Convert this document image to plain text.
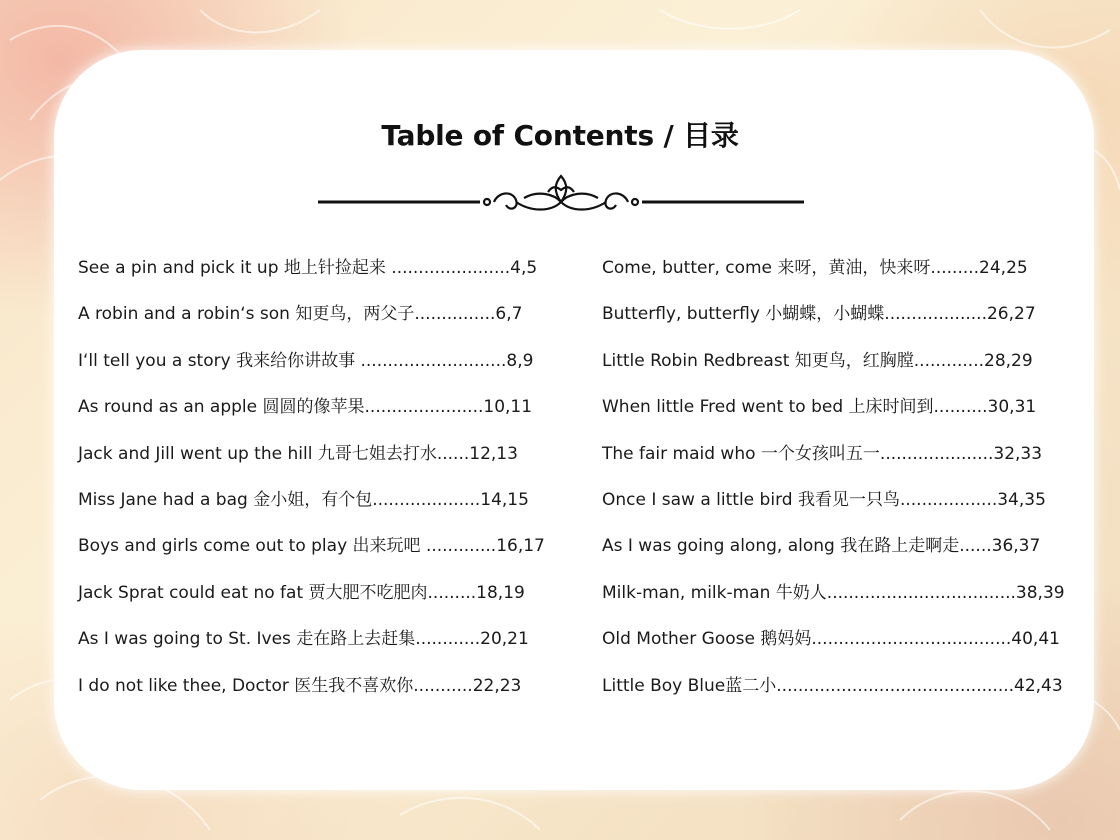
Table of Contents / 目录
See a pin and pick it up 地上针捡起来 ......................4,5
A robin and a robin‘s son 知更鸟，两父子...............6,7
I‘ll tell you a story 我来给你讲故事 ...........................8,9
As round as an apple 圆圆的像苹果......................10,11
Jack and Jill went up the hill 九哥七姐去打水......12,13
Miss Jane had a bag 金小姐，有个包....................14,15
Boys and girls come out to play 出来玩吧 .............16,17
Jack Sprat could eat no fat 贾大肥不吃肥肉.........18,19
As I was going to St. Ives 走在路上去赶集............20,21
I do not like thee, Doctor 医生我不喜欢你...........22,23
Come, butter, come 来呀，黄油，快来呀.........24,25
Butterfly, butterfly 小蝴蝶，小蝴蝶...................26,27
Little Robin Redbreast 知更鸟，红胸膛.............28,29
When little Fred went to bed 上床时间到..........30,31
The fair maid who 一个女孩叫五一.....................32,33
Once I saw a little bird 我看见一只鸟..................34,35
As I was going along, along 我在路上走啊走......36,37
Milk-man, milk-man 牛奶人...................................38,39
Old Mother Goose 鹅妈妈.....................................40,41
Little Boy Blue蓝二小............................................42,43
